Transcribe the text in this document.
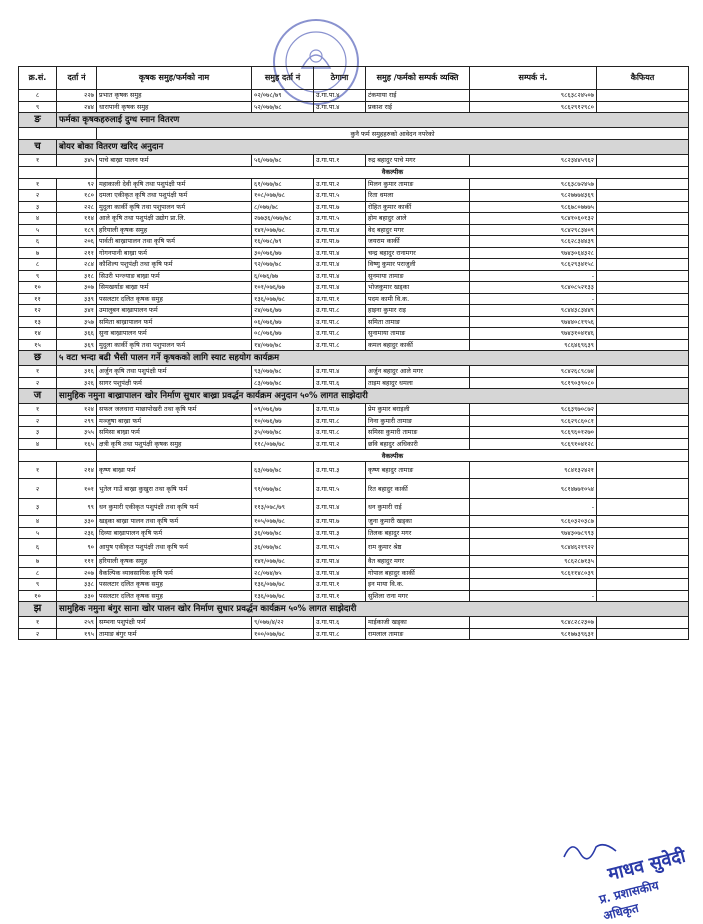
क्र.सं.	दर्ता नं	कृषक समुह/फर्मको नाम	समुह दर्ता नं	ठेगाना	समुह /फर्मको सम्पर्क व्यक्ति	सम्पर्क नं.	कैफियत
८	२२७	प्रभात कृषक समुह	०२/०७८/७९	उ.गा.पा.४	टंकमाया राई	९८६३८२४५०७	
९	२४४	धारापानी कृषक समुह	५२/०७७/७८	उ.गा.पा.४	प्रकाश राई	९८६२९१२९८०	
ङ	फर्मका कृषकहरुलाई दुग्ध स्नान वितरण						
		कुनै फर्म समुहहरुको आवेदन नपरेको					
च	बोयर बोका वितरण खरिद अनुदान						
१	३४५	पाचे बाख्रा पालन फर्म	५६/०७७/७८	उ.गा.पा.१	रुद्र बहादुर पाचे मगर	९८२३४४५९६२	
		वैकल्पीक					
१	९२	महाकाली देवी कृषि तथा पशुपंक्षी फर्म	६१/०७७/७८	उ.गा.पा.२	मिलन कुमार तामाङ	९८६३८७२४५७	
२	१८०	दमला एकीकृत कृषि तथा पशुपंक्षी फर्म	१०८/०७७/७८	उ.गा.पा.५	रिता धमला	९८२७७७४३६९	
३	२२८	मुदुला कार्की कृषि तथा पशुपालन फर्म	८/०७७/७८	उ.गा.पा.७	रोहित कुमार कार्की	९८६७८०७७७५	
४	११४	आले कृषि तथा पशुपंक्षी उद्योग प्रा.लि.	२७७३६/०७७/७८	उ.गा.पा.५	होम बहादुर आले	९८४१०६०१३२	
५	१८९	हरियाली कृषक समुह	१४१/०७७/७८	उ.गा.पा.४	वेद बहादुर मगर	९८४२९८३४०९	
६	२०६	पार्वती बाख्रापालन तथा कृषि फर्म	१६/०७८/७९	उ.गा.पा.७	जयराम कार्की	९८६२८३४४३९	
७	२११	गोगनपानी बाख्रा फर्म	३०/०७६/७७	उ.गा.पा.४	चन्द्र बहादुर रानामगर	९७४३०६४३२८	
८	२८४	कौशिल्य पशुपंक्षी तथा कृषि फर्म	९२/०७७/७८	उ.गा.पा.४	विष्णु कुमार पराजुली	९८६२९३४१५८	
९	३१८	सिउरी भन्ज्याङ बाख्रा फर्म	६/०७६/७७	उ.गा.पा.४	सुनमाया तामाङ	-	
१०	३०७	सिमखर्याङ बाख्रा फर्म	१०१/०७६/७७	उ.गा.पा.४	भोजकुमार खड्का	९८४०८५२१३३	
११	३३९	पसलटार दलित कृषक समुह	१३६/०७७/७८	उ.गा.पा.१	पदम कामी वि.क.	-	
१२	३४१	उमालुबन बाख्रापालन फर्म	२४/०७६/७७	उ.गा.पा.८	हाइना कुमार राइ	९८४४३८३४४९	
१३	३५७	समिता बाख्रापालन फर्म	०६/०७६/७७	उ.गा.पा.८	समिता तामाङ	९७४४०८१९५६	
१४	३६६	सुना बाख्रापालन फर्म	०८/०७६/७७	उ.गा.पा.८	सुनामाया तामाङ	९७४३१०४१४६	
१५	३६९	मुदुला कार्की कृषि तथा पशुपालन फर्म	१४/०७७/७८	उ.गा.पा.८	कमल बहादुर कार्की	९८६४६९६३९	
छ	५ वटा भन्दा बढी भैसी पालन गर्ने कृषकको लागि स्याट सहयोग कार्यक्रम						
१	३१६	अर्जुन कृषि तथा पशुपंक्षी फर्म	९३/०७७/७८	उ.गा.पा.४	अर्जुन बहादुर आले मगर	९८४२६८९८७४	
२	३२६	सागर पशुपंक्षी फर्म	८३/०७७/७८	उ.गा.पा.६	ताइम बहादुर धमला	९८१९०३९०८०	
ज	सामुहिक नमुना बाख्रापालन खोर निर्माण सुधार बाख्रा प्रवर्द्धन कार्यक्रम अनुदान ५०% लागत साझेदारी						
१	१२४	सफल जलधारा माछापोखरी तथा कृषि फर्म	०९/०७६/७७	उ.गा.पा.७	प्रेम कुमार बराइली	९८६३९७०८७२	
२	२९९	मञ्जुषा बाख्रा फर्म	१०/०७६/७७	उ.गा.पा.८	निना कुमारी तामाङ	९८६२९८६०८१	
३	३५५	समिसा बाख्रा फर्म	३५/०७७/७८	उ.गा.पा.८	समिसा कुमारी तामाङ	९८६९६०१२७०	
४	१६५	क्षत्री कृषि तथा पशुपंक्षी कृषक समुह	११८/०७७/७८	उ.गा.पा.२	छवि बहादुर अधिकारी	९८६९१०४१२८	
		वैकल्पीक					
१	२१४	कृष्ण बाख्रा फर्म	६३/०७७/७८	उ.गा.पा.३	कृष्ण बहादुर तामाङ	९८४१३२४२१	
२	१०१	भुतेल गाउँ बाख्रा कुखुरा तथा कृषि फर्म	९१/०७७/७८	उ.गा.पा.५	रित बहादुर कार्की	९८१४७७१०५४	
३	९९	धन कुमारी एकीकृत पशुपंक्षी तथा कृषि फर्म	११३/०७८/७९	उ.गा.पा.४	धन कुमारी राई	-	
४	३३०	खड्का बाख्रा पालन तथा कृषि फर्म	१०५/०७७/७८	उ.गा.पा.७	जुना कुमारी खड्का	९८६०३२०३८७	
५	२३६	दिव्या बाख्रापालन कृषि फर्म	३६/०७७/७८	उ.गा.पा.३	तिलक बहादुर मगर	९७४३०७८९९३	
६	९०	आयुष एकीकृत पशुपंक्षी तथा कृषि फर्म	३६/०७७/७८	उ.गा.पा.५	राम कुमार श्रेष्ठ	९८४४६२१९२२	
७	१११	हरियाली कृषक समुह	१४१/०७७/७८	उ.गा.पा.४	वैत बहादुर मगर	९८६२८७१३५	
८	२०७	वैकल्पिक व्यावसायिक कृषि फर्म	२८/०७४/७५	उ.गा.पा.४	गोपाल बहादुर कार्की	९८६११४८०३९	
९	३३८	पसलटार दलित कृषक समुह	१३६/०७७/७८	उ.गा.पा.१	इन माया वि.क.		
१०	३३०	पसलटार दलित कृषक समुह	१३६/०७७/७८	उ.गा.पा.१	सुशिला राना मगर	-	
झ	सामुहिक नमुना बंगुर साना खोर पालन खोर निर्माण सुधार प्रवर्द्धन कार्यक्रम ५०% लागत साझेदारी						
१	२५९	सम्भना पशुपंक्षी फर्म	९/०७७/४/२२	उ.गा.पा.६	माईकाजी खड्का	९८४८२८२३०७	
२	१९५	तामाङ बंगुर फर्म	१००/०७७/७८	उ.गा.पा.८	रामलाल तामाङ	९८१७७३९६३१	
माधव सुवेदी
प्र. प्रशासकीय अधिकृत
